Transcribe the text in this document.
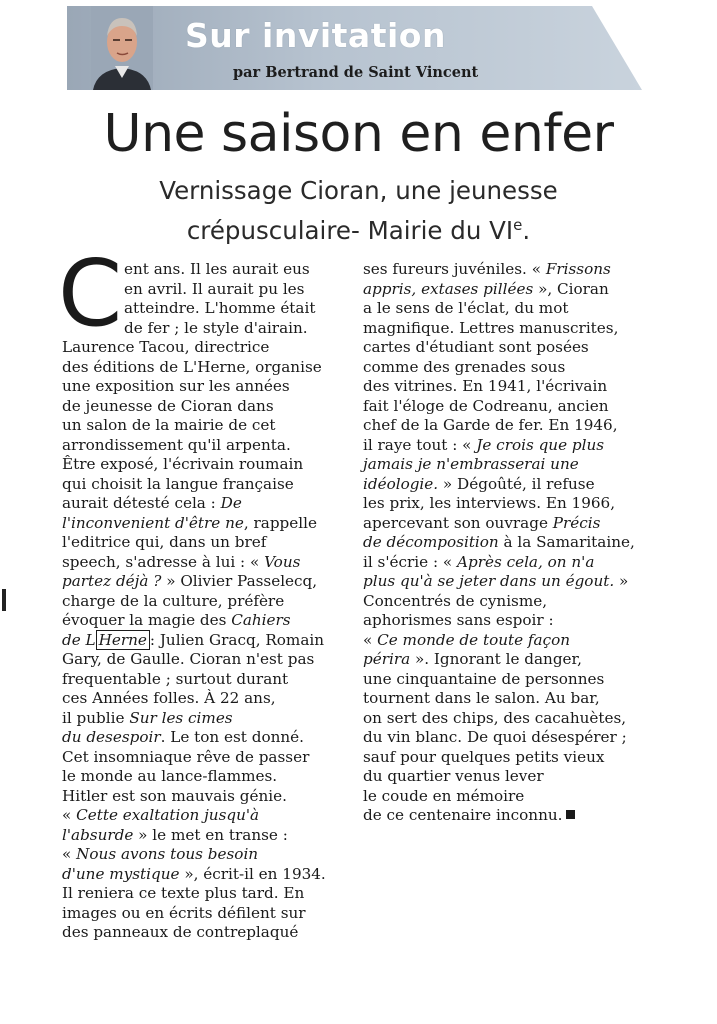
Sur invitation
par Bertrand de Saint Vincent
Une saison en enfer
Vernissage Cioran, une jeunesse
crépusculaire- Mairie du VIe.
C ent ans. Il les aurait eus
en avril. Il aurait pu les
atteindre. L'homme était
de fer ; le style d'airain.
Laurence Tacou, directrice
des éditions de L'Herne, organise
une exposition sur les années
de jeunesse de Cioran dans
un salon de la mairie de cet
arrondissement qu'il arpenta.
Être exposé, l'écrivain roumain
qui choisit la langue française
aurait détesté cela : De
l'inconvenient d'être ne, rappelle
l'editrice qui, dans un bref
speech, s'adresse à lui : « Vous
partez déjà ? » Olivier Passelecq,
charge de la culture, préfère
évoquer la magie des Cahiers
de L Herne : Julien Gracq, Romain
Gary, de Gaulle. Cioran n'est pas
frequentable ; surtout durant
ces Années folles. À 22 ans,
il publie Sur les cimes
du desespoir. Le ton est donné.
Cet insomniaque rêve de passer
le monde au lance-flammes.
Hitler est son mauvais génie.
« Cette exaltation jusqu'à
l'absurde » le met en transe :
« Nous avons tous besoin
d'une mystique », écrit-il en 1934.
Il reniera ce texte plus tard. En
images ou en écrits défilent sur
des panneaux de contreplaqué
ses fureurs juvéniles. « Frissons
appris, extases pillées », Cioran
a le sens de l'éclat, du mot
magnifique. Lettres manuscrites,
cartes d'étudiant sont posées
comme des grenades sous
des vitrines. En 1941, l'écrivain
fait l'éloge de Codreanu, ancien
chef de la Garde de fer. En 1946,
il raye tout : « Je crois que plus
jamais je n'embrasserai une
idéologie. » Dégoûté, il refuse
les prix, les interviews. En 1966,
apercevant son ouvrage Précis
de décomposition à la Samaritaine,
il s'écrie : « Après cela, on n'a
plus qu'à se jeter dans un égout. »
Concentrés de cynisme,
aphorismes sans espoir :
« Ce monde de toute façon
périra ». Ignorant le danger,
une cinquantaine de personnes
tournent dans le salon. Au bar,
on sert des chips, des cacahuètes,
du vin blanc. De quoi désespérer ;
sauf pour quelques petits vieux
du quartier venus lever
le coude en mémoire
de ce centenaire inconnu.
